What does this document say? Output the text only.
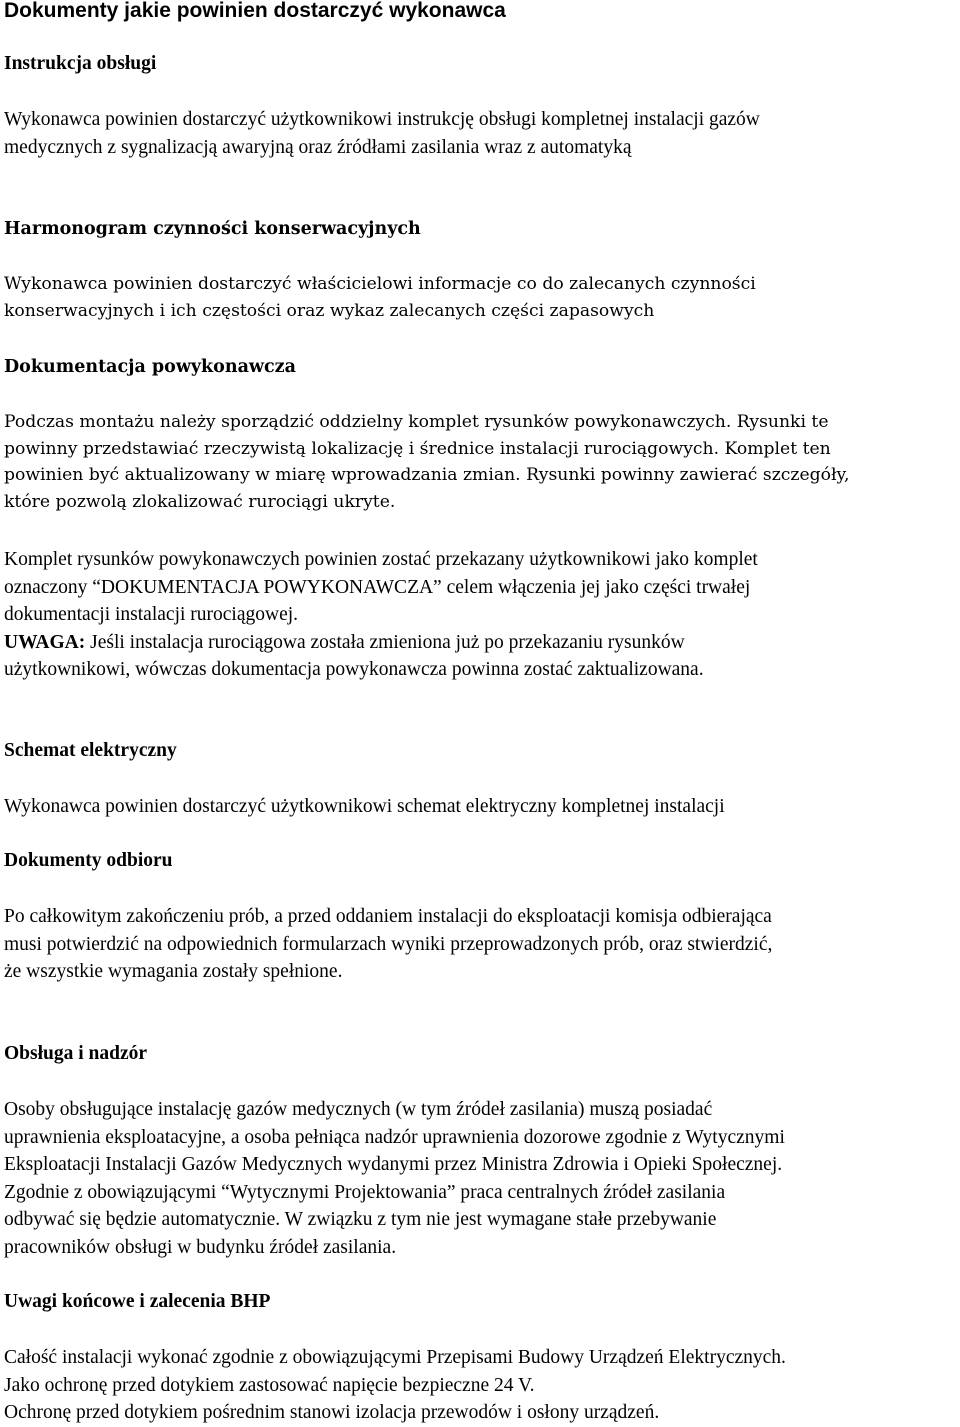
Dokumenty jakie powinien dostarczyć wykonawca
Instrukcja obsługi

Wykonawca powinien dostarczyć użytkownikowi instrukcję obsługi kompletnej instalacji gazów
medycznych z sygnalizacją awaryjną oraz źródłami zasilania wraz z automatyką

Harmonogram czynności konserwacyjnych

Wykonawca powinien dostarczyć właścicielowi informacje co do zalecanych czynności
konserwacyjnych i ich częstości oraz wykaz zalecanych części zapasowych

Dokumentacja powykonawcza

Podczas montażu należy sporządzić oddzielny komplet rysunków powykonawczych. Rysunki te
powinny przedstawiać rzeczywistą lokalizację i średnice instalacji rurociągowych. Komplet ten
powinien być aktualizowany w miarę wprowadzania zmian. Rysunki powinny zawierać szczegóły,
które pozwolą zlokalizować rurociągi ukryte.

Komplet rysunków powykonawczych powinien zostać przekazany użytkownikowi jako komplet
oznaczony “DOKUMENTACJA POWYKONAWCZA” celem włączenia jej jako części trwałej
dokumentacji instalacji rurociągowej.
UWAGA: Jeśli instalacja rurociągowa została zmieniona już po przekazaniu rysunków
użytkownikowi, wówczas dokumentacja powykonawcza powinna zostać zaktualizowana.

Schemat elektryczny

Wykonawca powinien dostarczyć użytkownikowi schemat elektryczny kompletnej instalacji

Dokumenty odbioru

Po całkowitym zakończeniu prób, a przed oddaniem instalacji do eksploatacji komisja odbierająca
musi potwierdzić na odpowiednich formularzach wyniki przeprowadzonych prób, oraz stwierdzić,
że wszystkie wymagania zostały spełnione.

Obsługa i nadzór

Osoby obsługujące instalację gazów medycznych (w tym źródeł zasilania) muszą posiadać
uprawnienia eksploatacyjne, a osoba pełniąca nadzór uprawnienia dozorowe zgodnie z Wytycznymi
Eksploatacji Instalacji Gazów Medycznych wydanymi przez Ministra Zdrowia i Opieki Społecznej.
Zgodnie z obowiązującymi “Wytycznymi Projektowania” praca centralnych źródeł zasilania
odbywać się będzie automatycznie. W związku z tym nie jest wymagane stałe przebywanie
pracowników obsługi w budynku źródeł zasilania.

Uwagi końcowe i zalecenia BHP

Całość instalacji wykonać zgodnie z obowiązującymi Przepisami Budowy Urządzeń Elektrycznych.
Jako ochronę przed dotykiem zastosować napięcie bezpieczne 24 V.
Ochronę przed dotykiem pośrednim stanowi izolacja przewodów i osłony urządzeń.
